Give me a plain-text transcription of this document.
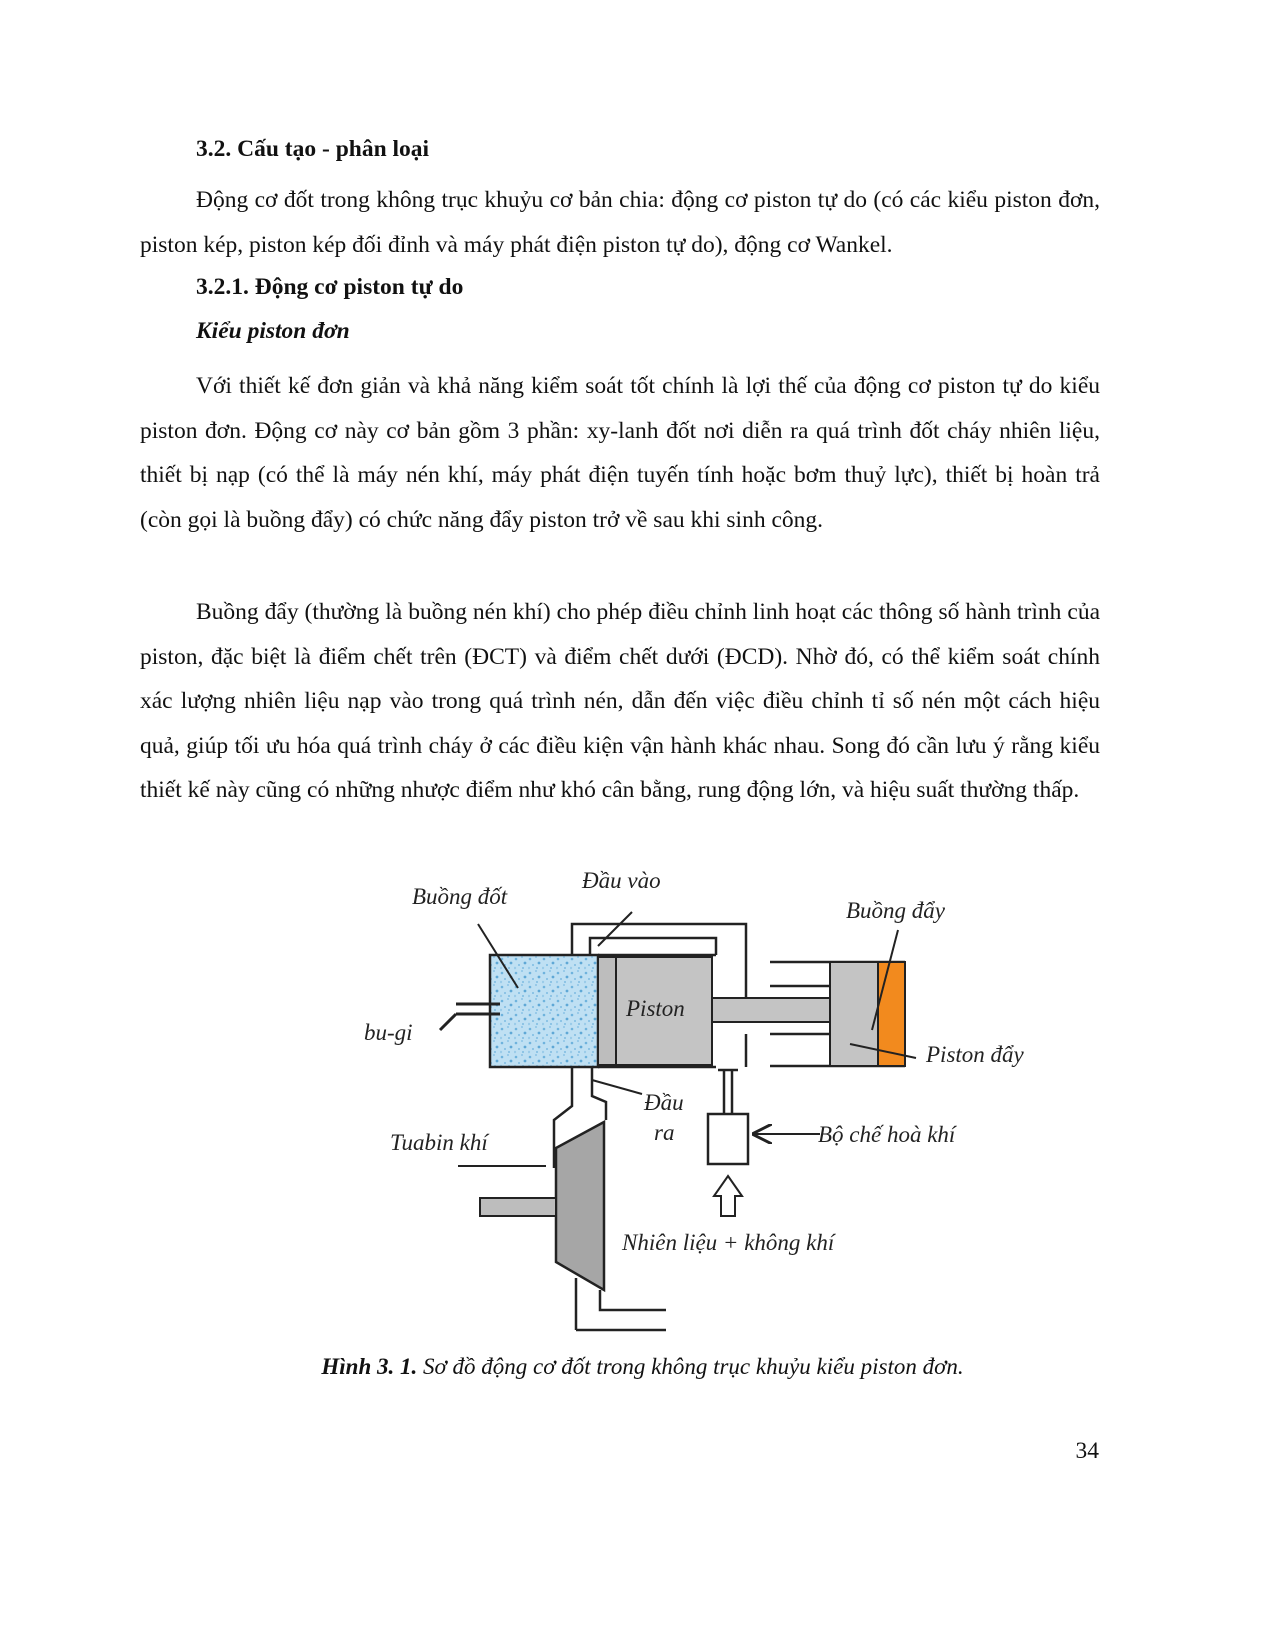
3.2. Cấu tạo - phân loại

Động cơ đốt trong không trục khuỷu cơ bản chia: động cơ piston tự do (có các kiểu piston đơn, piston kép, piston kép đối đỉnh và máy phát điện piston tự do), động cơ Wankel.

3.2.1. Động cơ piston tự do
Kiểu piston đơn

Với thiết kế đơn giản và khả năng kiểm soát tốt chính là lợi thế của động cơ piston tự do kiểu piston đơn. Động cơ này cơ bản gồm 3 phần: xy-lanh đốt nơi diễn ra quá trình đốt cháy nhiên liệu, thiết bị nạp (có thể là máy nén khí, máy phát điện tuyến tính hoặc bơm thuỷ lực), thiết bị hoàn trả (còn gọi là buồng đẩy) có chức năng đẩy piston trở về sau khi sinh công.

Buồng đẩy (thường là buồng nén khí) cho phép điều chỉnh linh hoạt các thông số hành trình của piston, đặc biệt là điểm chết trên (ĐCT) và điểm chết dưới (ĐCD). Nhờ đó, có thể kiểm soát chính xác lượng nhiên liệu nạp vào trong quá trình nén, dẫn đến việc điều chỉnh tỉ số nén một cách hiệu quả, giúp tối ưu hóa quá trình cháy ở các điều kiện vận hành khác nhau. Song đó cần lưu ý rằng kiểu thiết kế này cũng có những nhược điểm như khó cân bằng, rung động lớn, và hiệu suất thường thấp.

Buồng đốt
Đầu vào
Buồng đẩy
Piston
bu-gi
Piston đẩy
Đầu
ra
Tuabin khí	Bộ chế hoà khí
Nhiên liệu + không khí
Hình 3. 1. Sơ đồ động cơ đốt trong không trục khuỷu kiểu piston đơn.
34
